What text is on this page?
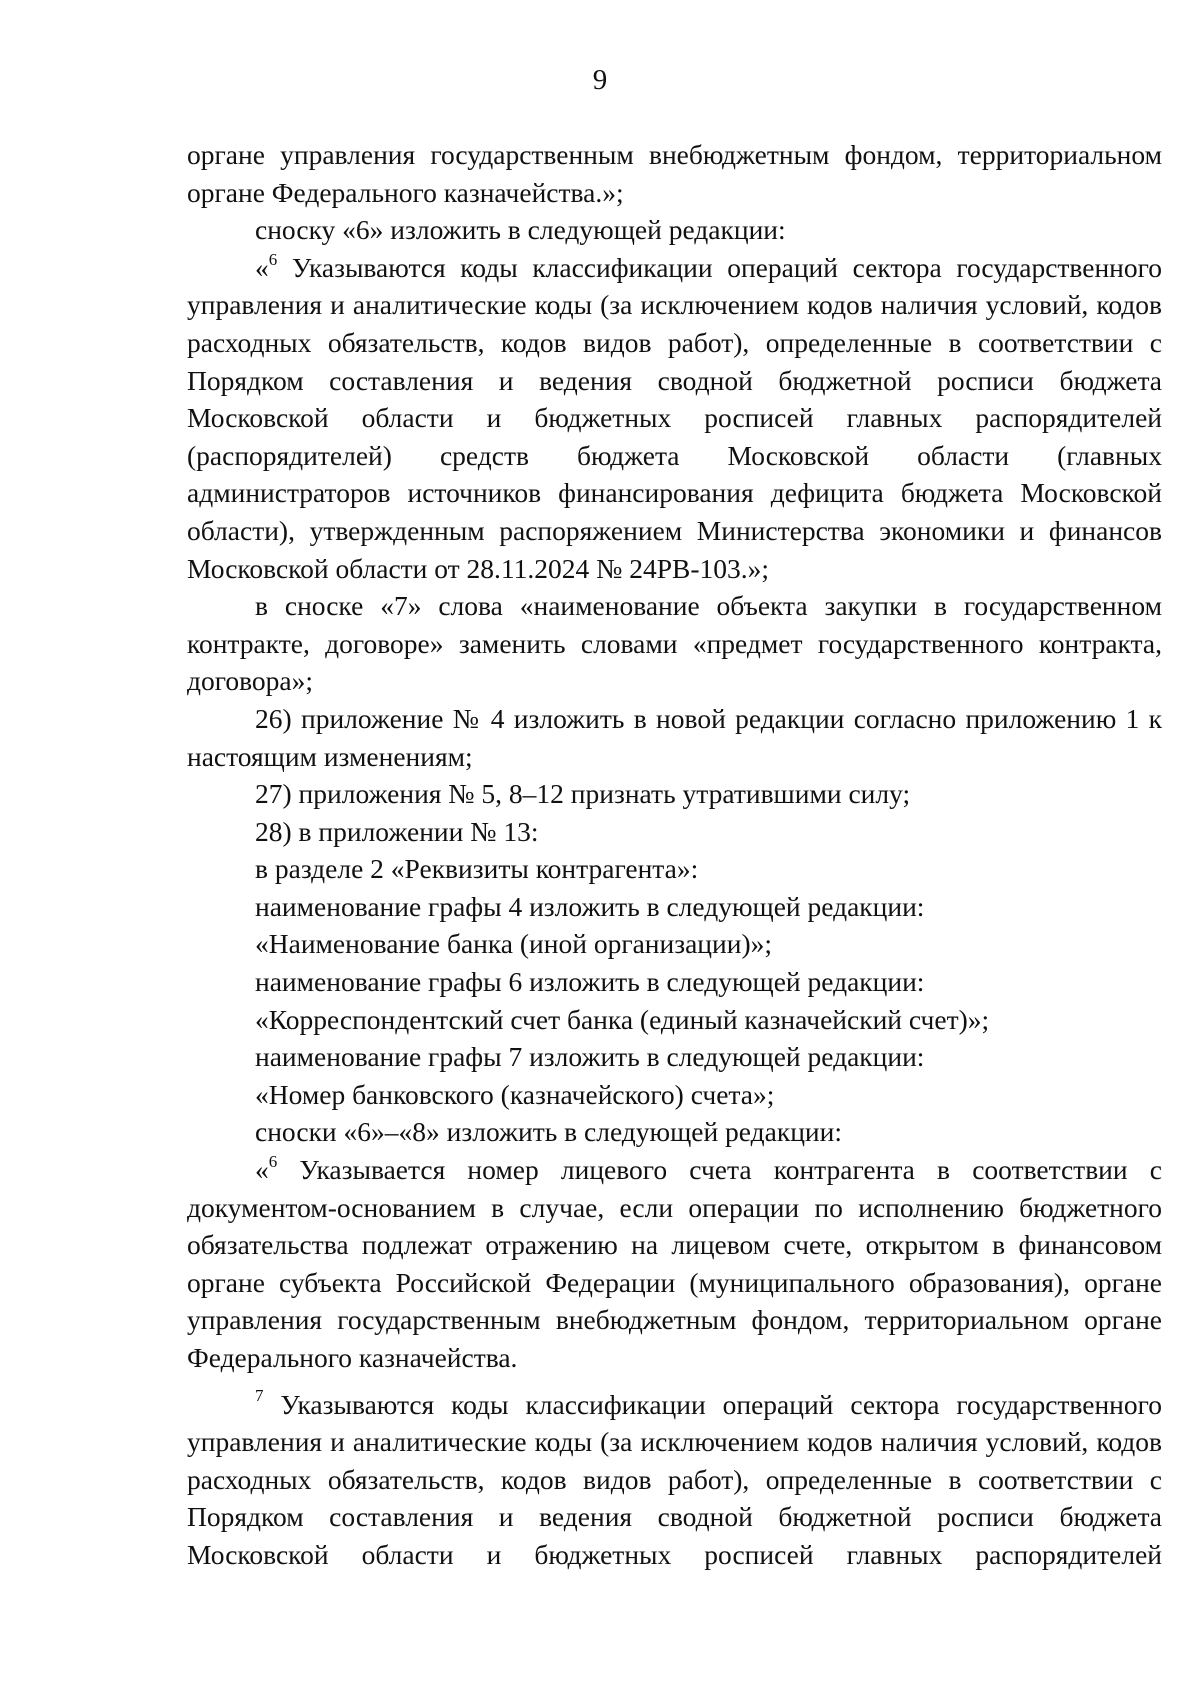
9

органе управления государственным внебюджетным фондом, территориальном органе Федерального казначейства.»;

сноску «6» изложить в следующей редакции:

«$^6$ Указываются коды классификации операций сектора государственного управления и аналитические коды (за исключением кодов наличия условий, кодов расходных обязательств, кодов видов работ), определенные в соответствии с Порядком составления и ведения сводной бюджетной росписи бюджета Московской области и бюджетных росписей главных распорядителей (распорядителей) средств бюджета Московской области (главных администраторов источников финансирования дефицита бюджета Московской области), утвержденным распоряжением Министерства экономики и финансов Московской области от 28.11.2024 № 24РВ-103.»;

в сноске «7» слова «наименование объекта закупки в государственном контракте, договоре» заменить словами «предмет государственного контракта, договора»;

26) приложение № 4 изложить в новой редакции согласно приложению 1 к настоящим изменениям;

27) приложения № 5, 8–12 признать утратившими силу;

28) в приложении № 13:

в разделе 2 «Реквизиты контрагента»:

наименование графы 4 изложить в следующей редакции:

«Наименование банка (иной организации)»;

наименование графы 6 изложить в следующей редакции:

«Корреспондентский счет банка (единый казначейский счет)»;

наименование графы 7 изложить в следующей редакции:

«Номер банковского (казначейского) счета»;

сноски «6»–«8» изложить в следующей редакции:

«$^6$ Указывается номер лицевого счета контрагента в соответствии с документом-основанием в случае, если операции по исполнению бюджетного обязательства подлежат отражению на лицевом счете, открытом в финансовом органе субъекта Российской Федерации (муниципального образования), органе управления государственным внебюджетным фондом, территориальном органе Федерального казначейства.

$^7$ Указываются коды классификации операций сектора государственного управления и аналитические коды (за исключением кодов наличия условий, кодов расходных обязательств, кодов видов работ), определенные в соответствии с Порядком составления и ведения сводной бюджетной росписи бюджета Московской области и бюджетных росписей главных распорядителей
